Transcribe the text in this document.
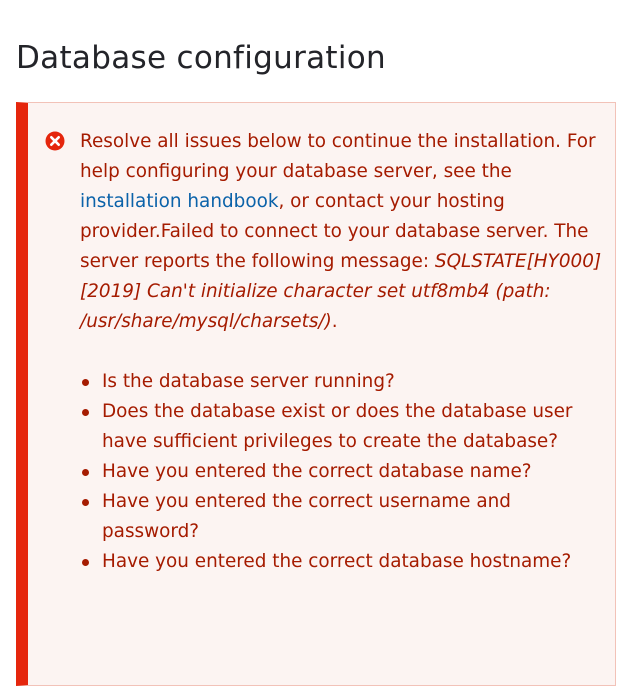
Database configuration

Resolve all issues below to continue the installation. For help configuring your database server, see the installation handbook, or contact your hosting provider.Failed to connect to your database server. The server reports the following message: SQLSTATE[HY000] [2019] Can't initialize character set utf8mb4 (path: /usr/share/mysql/charsets/).

Is the database server running?
Does the database exist or does the database user have sufficient privileges to create the database?
Have you entered the correct database name?
Have you entered the correct username and password?
Have you entered the correct database hostname?
